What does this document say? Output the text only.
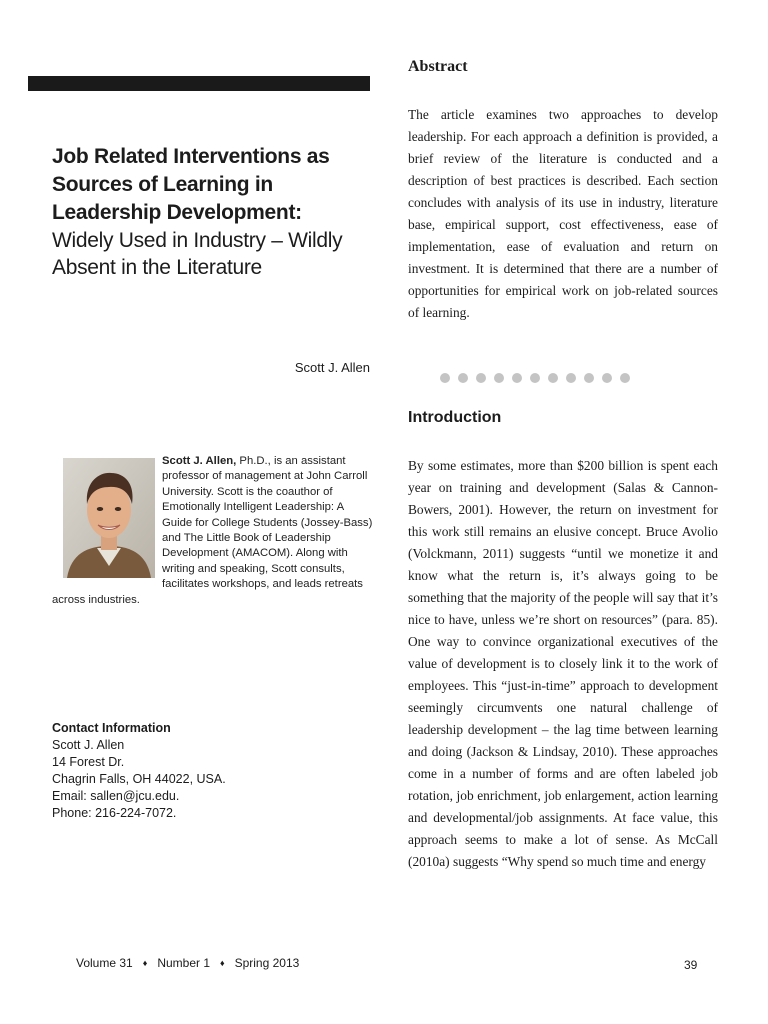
Job Related Interventions as Sources of Learning in Leadership Development:
Widely Used in Industry – Wildly Absent in the Literature
Scott J. Allen
Scott J. Allen, Ph.D., is an assistant professor of management at John Carroll University. Scott is the coauthor of Emotionally Intelligent Leadership: A Guide for College Students (Jossey-Bass) and The Little Book of Leadership Development (AMACOM). Along with writing and speaking, Scott consults, facilitates workshops, and leads retreats across industries.
Contact Information
Scott J. Allen
14 Forest Dr.
Chagrin Falls, OH 44022, USA.
Email: sallen@jcu.edu.
Phone: 216-224-7072.
Abstract
The article examines two approaches to develop leadership. For each approach a definition is provided, a brief review of the literature is conducted and a description of best practices is described. Each section concludes with analysis of its use in industry, literature base, empirical support, cost effectiveness, ease of implementation, ease of evaluation and return on investment. It is determined that there are a number of opportunities for empirical work on job-related sources of learning.
Introduction
By some estimates, more than $200 billion is spent each year on training and development (Salas & Cannon-Bowers, 2001). However, the return on investment for this work still remains an elusive concept. Bruce Avolio (Volckmann, 2011) suggests “until we monetize it and know what the return is, it’s always going to be something that the majority of the people will say that it’s nice to have, unless we’re short on resources” (para. 85). One way to convince organizational executives of the value of development is to closely link it to the work of employees. This “just-in-time” approach to development seemingly circumvents one natural challenge of leadership development – the lag time between learning and doing (Jackson & Lindsay, 2010). These approaches come in a number of forms and are often labeled job rotation, job enrichment, job enlargement, action learning and developmental/job assignments. At face value, this approach seems to make a lot of sense. As McCall (2010a) suggests “Why spend so much time and energy
Volume 31 ♦ Number 1 ♦ Spring 2013	39
